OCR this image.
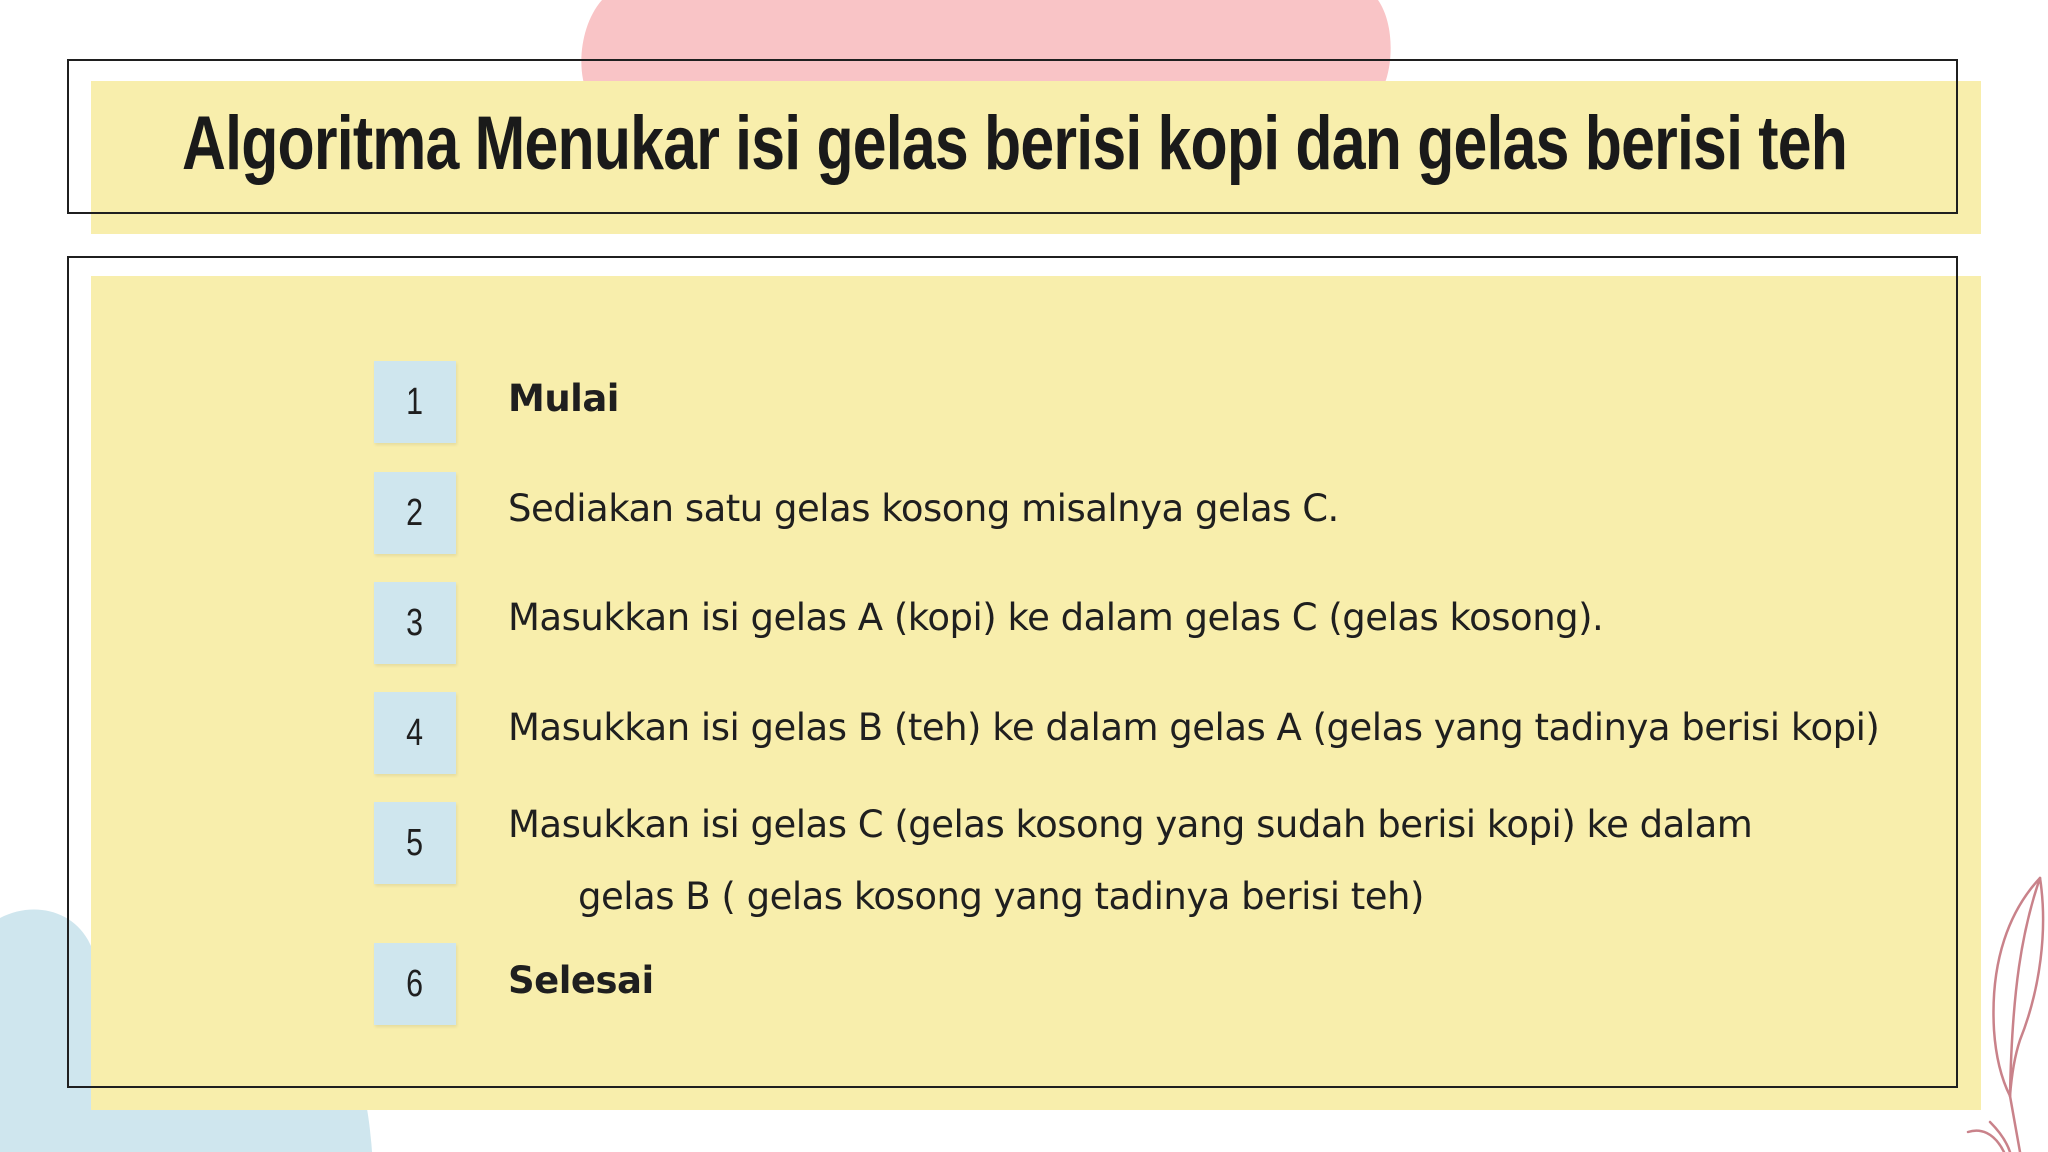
Algoritma Menukar isi gelas berisi kopi dan gelas berisi teh
1 Mulai
2 Sediakan satu gelas kosong misalnya gelas C.
3 Masukkan isi gelas A (kopi) ke dalam gelas C (gelas kosong).
4 Masukkan isi gelas B (teh) ke dalam gelas A (gelas yang tadinya berisi kopi)
5 Masukkan isi gelas C (gelas kosong yang sudah berisi kopi) ke dalam
gelas B ( gelas kosong yang tadinya berisi teh)
6 Selesai
